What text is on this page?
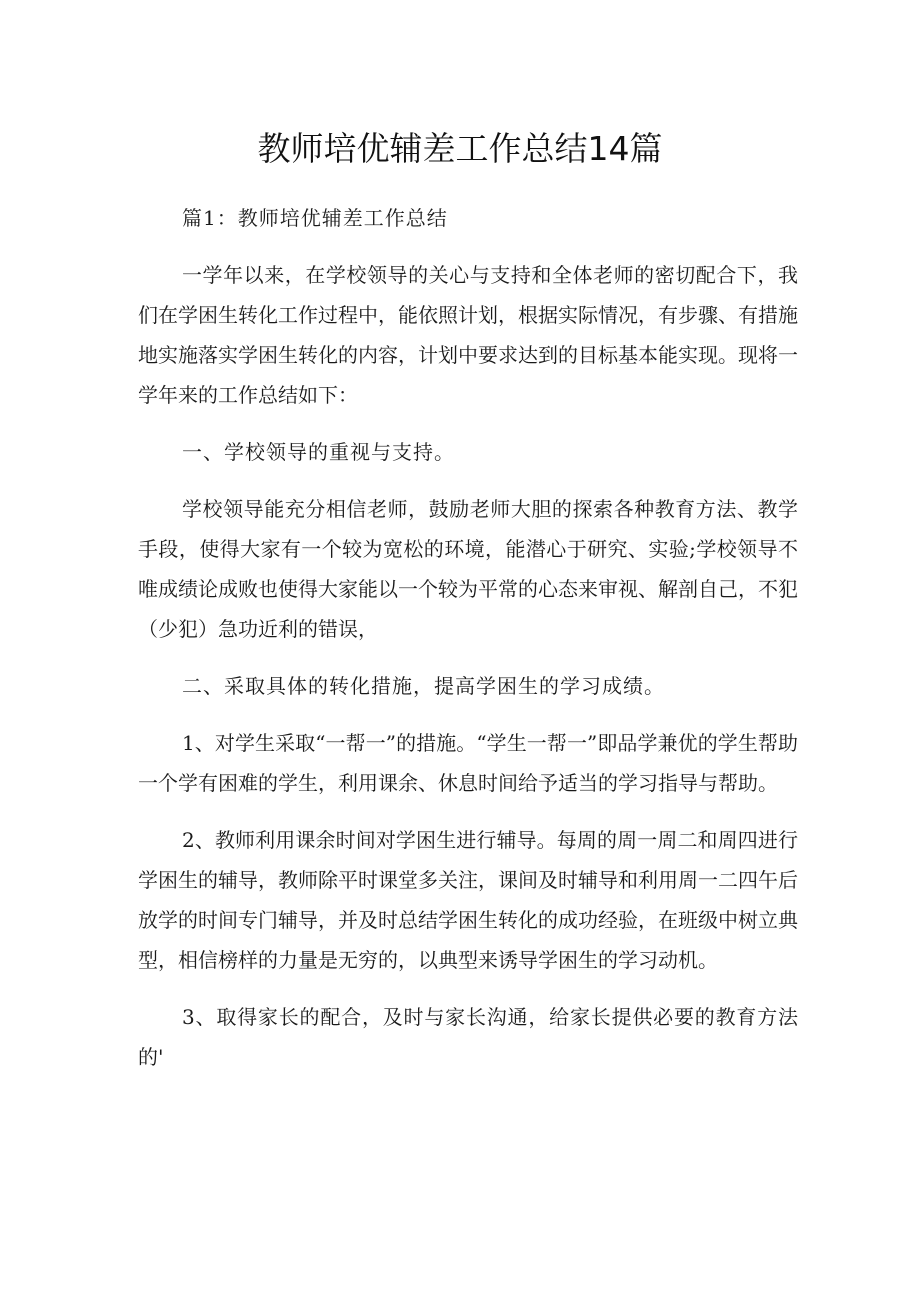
教师培优辅差工作总结14篇

篇1：教师培优辅差工作总结

一学年以来，在学校领导的关心与支持和全体老师的密切配合下，我们在学困生转化工作过程中，能依照计划，根据实际情况，有步骤、有措施地实施落实学困生转化的内容，计划中要求达到的目标基本能实现。现将一学年来的工作总结如下：

一、学校领导的重视与支持。

学校领导能充分相信老师，鼓励老师大胆的探索各种教育方法、教学手段，使得大家有一个较为宽松的环境，能潜心于研究、实验;学校领导不唯成绩论成败也使得大家能以一个较为平常的心态来审视、解剖自己，不犯（少犯）急功近利的错误，

二、采取具体的转化措施，提高学困生的学习成绩。

1、对学生采取“一帮一”的措施。“学生一帮一”即品学兼优的学生帮助一个学有困难的学生，利用课余、休息时间给予适当的学习指导与帮助。

2、教师利用课余时间对学困生进行辅导。每周的周一周二和周四进行学困生的辅导，教师除平时课堂多关注，课间及时辅导和利用周一二四午后放学的时间专门辅导，并及时总结学困生转化的成功经验，在班级中树立典型，相信榜样的力量是无穷的，以典型来诱导学困生的学习动机。

3、取得家长的配合，及时与家长沟通，给家长提供必要的教育方法的'
